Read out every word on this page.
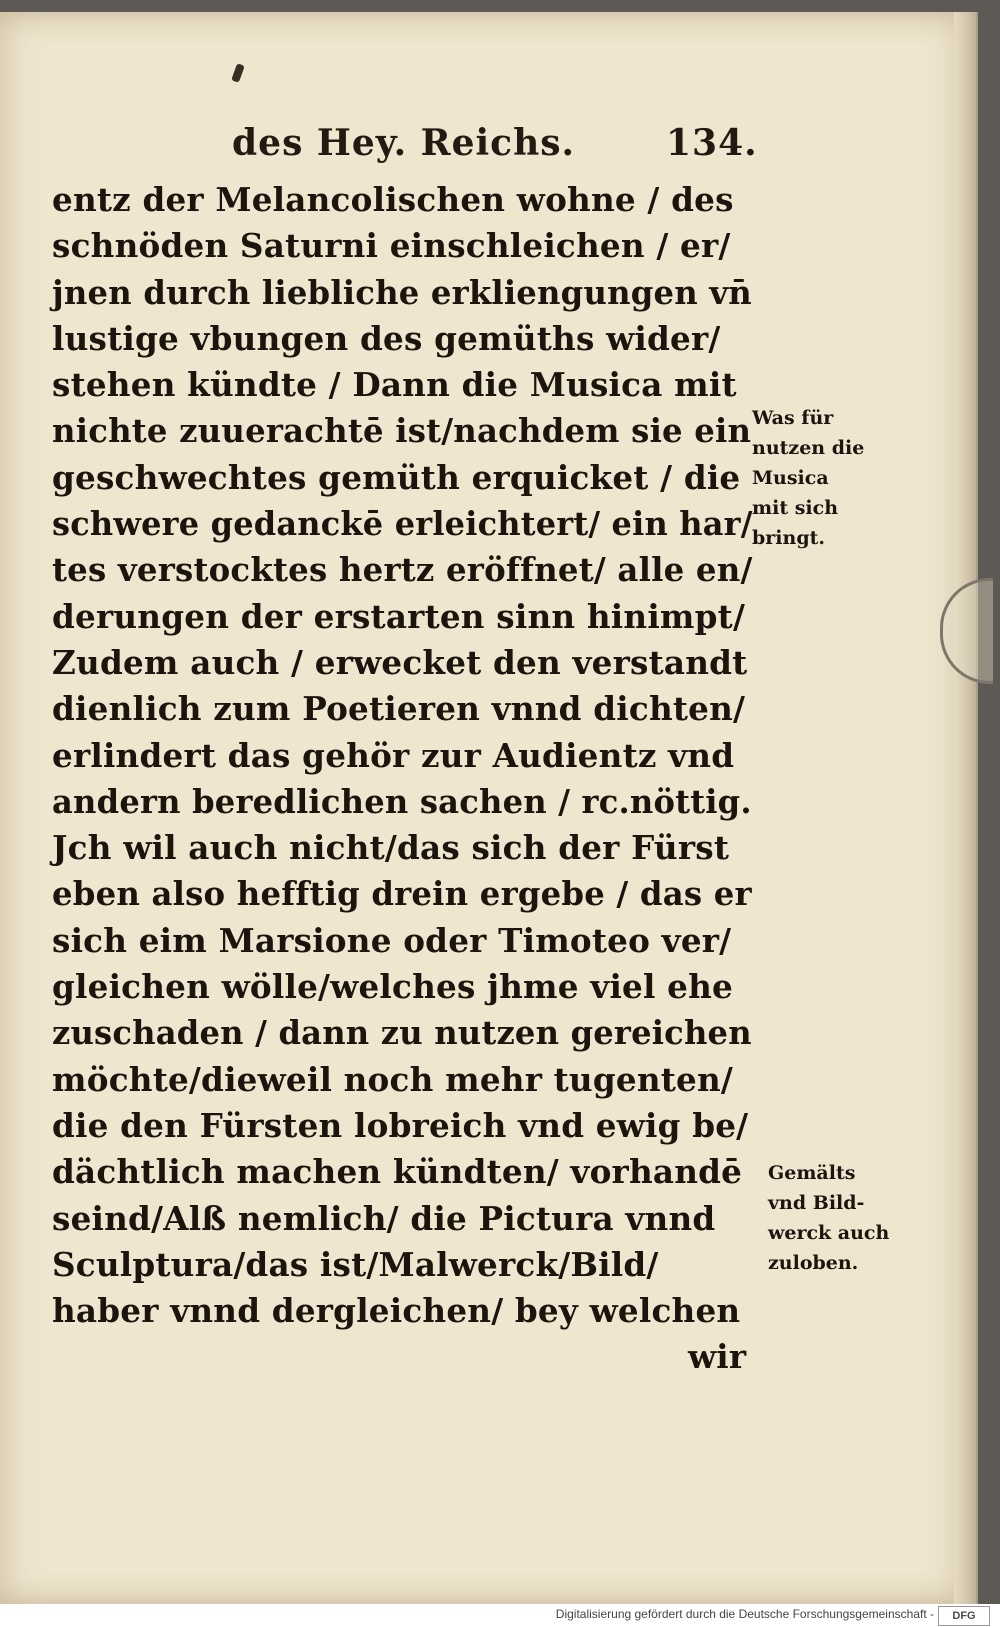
des Hey. Reichs.	134.
entz der Melancolischen wohne / des
schnöden Saturni einschleichen / er/
jnen durch liebliche erkliengungen vn̄
lustige vbungen des gemüths wider/
stehen kündte / Dann die Musica mit
nichte zuuerachtē ist/nachdem sie ein
geschwechtes gemüth erquicket / die
schwere gedanckē erleichtert/ ein har/
tes verstocktes hertz eröffnet/ alle en/
derungen der erstarten sinn hinimpt/
Zudem auch / erwecket den verstandt
dienlich zum Poetieren vnnd dichten/
erlindert das gehör zur Audientz vnd
andern beredlichen sachen / rc.nöttig.
Jch wil auch nicht/das sich der Fürst
eben also hefftig drein ergebe / das er
sich eim Marsione oder Timoteo ver/
gleichen wölle/welches jhme viel ehe
zuschaden / dann zu nutzen gereichen
möchte/dieweil noch mehr tugenten/
die den Fürsten lobreich vnd ewig be/
dächtlich machen kündten/ vorhandē
seind/Alß nemlich/ die Pictura vnnd
Sculptura/das ist/Malwerck/Bild/
haber vnnd dergleichen/ bey welchen
wir
Was für
nutzen die
Musica
mit sich
bringt.
Gemälts
vnd Bild-
werck auch
zuloben.
Digitalisierung gefördert durch die Deutsche Forschungsgemeinschaft -	DFG
